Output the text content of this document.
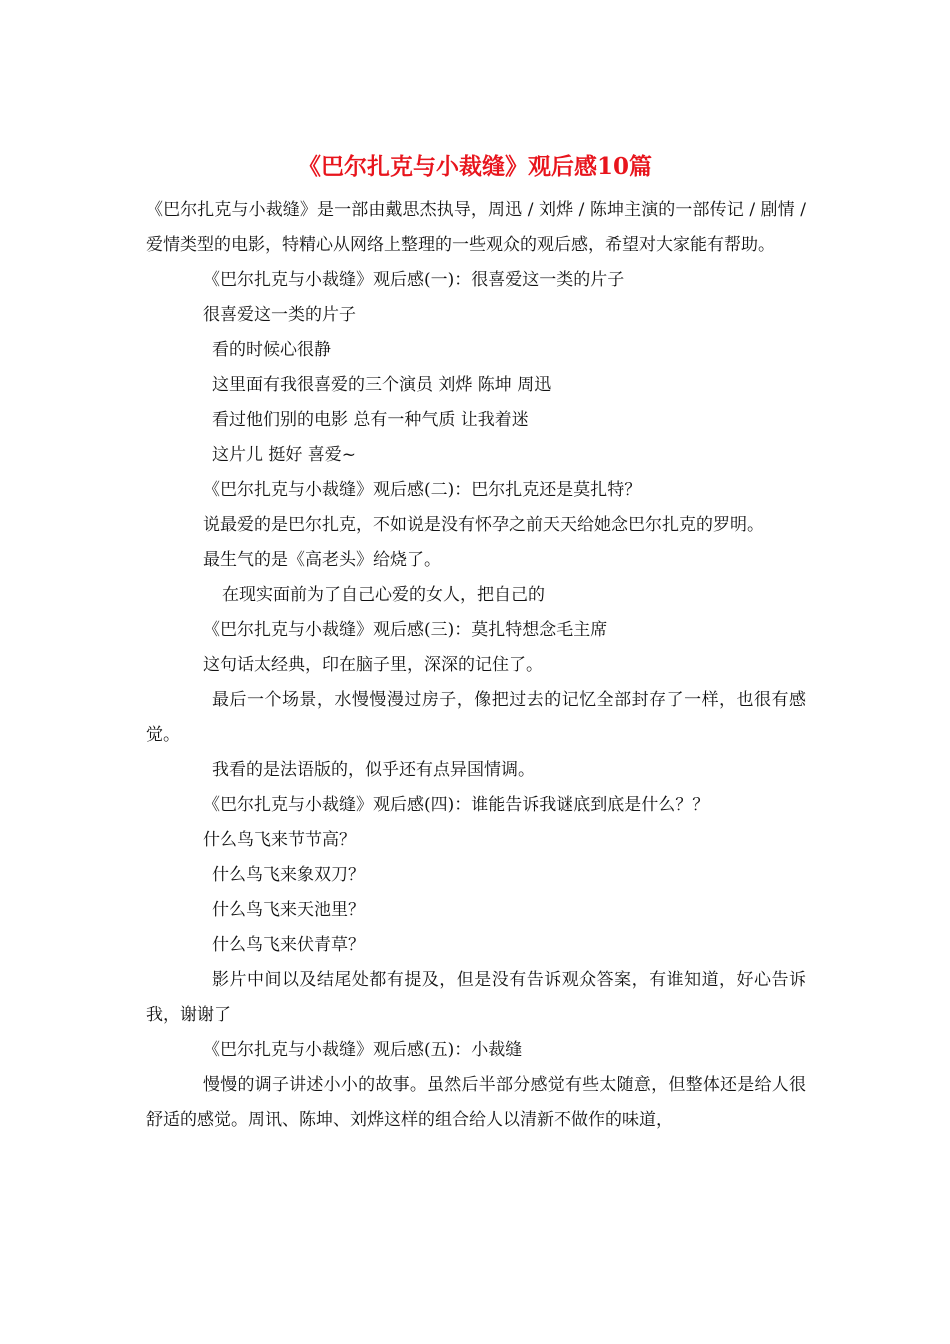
《巴尔扎克与小裁缝》观后感10篇

《巴尔扎克与小裁缝》是一部由戴思杰执导，周迅 / 刘烨 / 陈坤主演的一部传记 / 剧情 / 爱情类型的电影，特精心从网络上整理的一些观众的观后感，希望对大家能有帮助。

《巴尔扎克与小裁缝》观后感(一)：很喜爱这一类的片子

很喜爱这一类的片子

看的时候心很静

这里面有我很喜爱的三个演员 刘烨 陈坤 周迅

看过他们别的电影 总有一种气质 让我着迷

这片儿 挺好 喜爱~

《巴尔扎克与小裁缝》观后感(二)：巴尔扎克还是莫扎特？

说最爱的是巴尔扎克，不如说是没有怀孕之前天天给她念巴尔扎克的罗明。

最生气的是《高老头》给烧了。

在现实面前为了自己心爱的女人，把自己的

《巴尔扎克与小裁缝》观后感(三)：莫扎特想念毛主席

这句话太经典，印在脑子里，深深的记住了。

最后一个场景，水慢慢漫过房子，像把过去的记忆全部封存了一样，也很有感觉。

我看的是法语版的，似乎还有点异国情调。

《巴尔扎克与小裁缝》观后感(四)：谁能告诉我谜底到底是什么？？

什么鸟飞来节节高？

什么鸟飞来象双刀？

什么鸟飞来天池里？

什么鸟飞来伏青草？

影片中间以及结尾处都有提及，但是没有告诉观众答案，有谁知道，好心告诉我，谢谢了

《巴尔扎克与小裁缝》观后感(五)：小裁缝

慢慢的调子讲述小小的故事。虽然后半部分感觉有些太随意，但整体还是给人很舒适的感觉。周讯、陈坤、刘烨这样的组合给人以清新不做作的味道，
